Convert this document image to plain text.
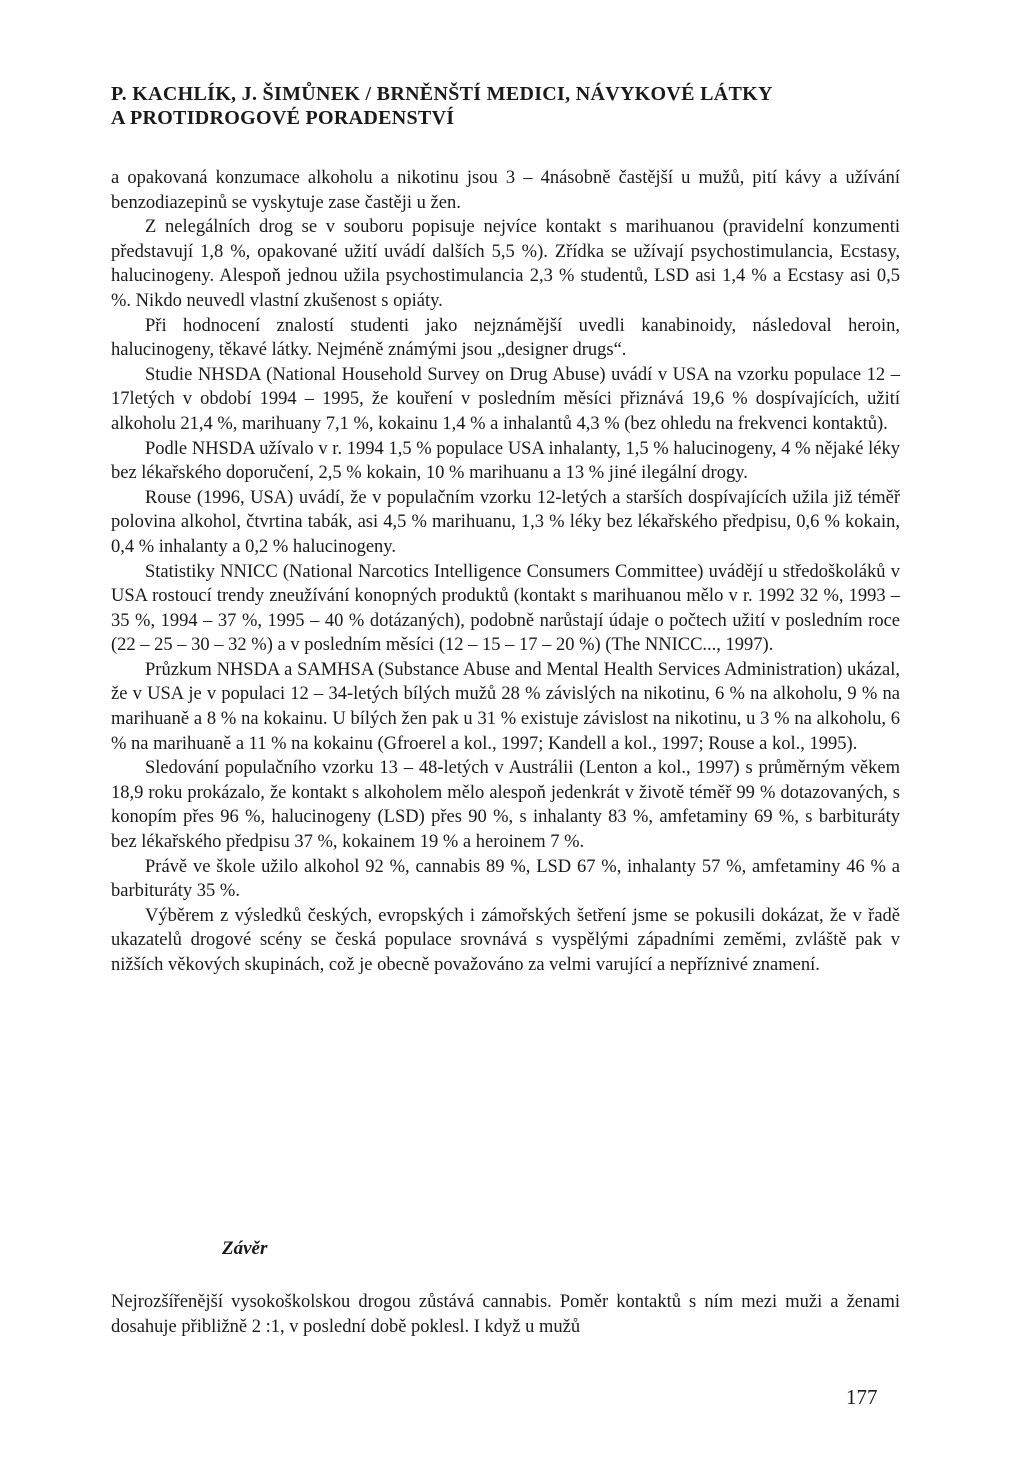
P. KACHLÍK, J. ŠIMŮNEK / BRNĚNŠTÍ MEDICI, NÁVYKOVÉ LÁTKY
A PROTIDROGOVÉ PORADENSTVÍ

a opakovaná konzumace alkoholu a nikotinu jsou 3 – 4násobně častější u mužů, pití kávy a užívání benzodiazepinů se vyskytuje zase častěji u žen.

Z nelegálních drog se v souboru popisuje nejvíce kontakt s marihuanou (pravidelní konzumenti představují 1,8 %, opakované užití uvádí dalších 5,5 %). Zřídka se užívají psychostimulancia, Ecstasy, halucinogeny. Alespoň jednou užila psychostimulancia 2,3 % studentů, LSD asi 1,4 % a Ecstasy asi 0,5 %. Nikdo neuvedl vlastní zkušenost s opiáty.

Při hodnocení znalostí studenti jako nejznámější uvedli kanabinoidy, následoval heroin, halucinogeny, těkavé látky. Nejméně známými jsou „designer drugs“.

Studie NHSDA (National Household Survey on Drug Abuse) uvádí v USA na vzorku populace 12 – 17letých v období 1994 – 1995, že kouření v posledním měsíci přiznává 19,6 % dospívajících, užití alkoholu 21,4 %, marihuany 7,1 %, kokainu 1,4 % a inhalantů 4,3 % (bez ohledu na frekvenci kontaktů).

Podle NHSDA užívalo v r. 1994 1,5 % populace USA inhalanty, 1,5 % halucinogeny, 4 % nějaké léky bez lékařského doporučení, 2,5 % kokain, 10 % marihuanu a 13 % jiné ilegální drogy.

Rouse (1996, USA) uvádí, že v populačním vzorku 12-letých a starších dospívajících užila již téměř polovina alkohol, čtvrtina tabák, asi 4,5 % marihuanu, 1,3 % léky bez lékařského předpisu, 0,6 % kokain, 0,4 % inhalanty a 0,2 % halucinogeny.

Statistiky NNICC (National Narcotics Intelligence Consumers Committee) uvádějí u středoškoláků v USA rostoucí trendy zneužívání konopných produktů (kontakt s marihuanou mělo v r. 1992 32 %, 1993 – 35 %, 1994 – 37 %, 1995 – 40 % dotázaných), podobně narůstají údaje o počtech užití v posledním roce (22 – 25 – 30 – 32 %) a v posledním měsíci (12 – 15 – 17 – 20 %) (The NNICC..., 1997).

Průzkum NHSDA a SAMHSA (Substance Abuse and Mental Health Services Administration) ukázal, že v USA je v populaci 12 – 34-letých bílých mužů 28 % závislých na nikotinu, 6 % na alkoholu, 9 % na marihuaně a 8 % na kokainu. U bílých žen pak u 31 % existuje závislost na nikotinu, u 3 % na alkoholu, 6 % na marihuaně a 11 % na kokainu (Gfroerel a kol., 1997; Kandell a kol., 1997; Rouse a kol., 1995).

Sledování populačního vzorku 13 – 48-letých v Austrálii (Lenton a kol., 1997) s průměrným věkem 18,9 roku prokázalo, že kontakt s alkoholem mělo alespoň jedenkrát v životě téměř 99 % dotazovaných, s konopím přes 96 %, halucinogeny (LSD) přes 90 %, s inhalanty 83 %, amfetaminy 69 %, s barbituráty bez lékařského předpisu 37 %, kokainem 19 % a heroinem 7 %.

Právě ve škole užilo alkohol 92 %, cannabis 89 %, LSD 67 %, inhalanty 57 %, amfetaminy 46 % a barbituráty 35 %.

Výběrem z výsledků českých, evropských i zámořských šetření jsme se pokusili dokázat, že v řadě ukazatelů drogové scény se česká populace srovnává s vyspělými západními zeměmi, zvláště pak v nižších věkových skupinách, což je obecně považováno za velmi varující a nepříznivé znamení.

Závěr

Nejrozšířenější vysokoškolskou drogou zůstává cannabis. Poměr kontaktů s ním mezi muži a ženami dosahuje přibližně 2 :1, v poslední době poklesl. I když u mužů

177
